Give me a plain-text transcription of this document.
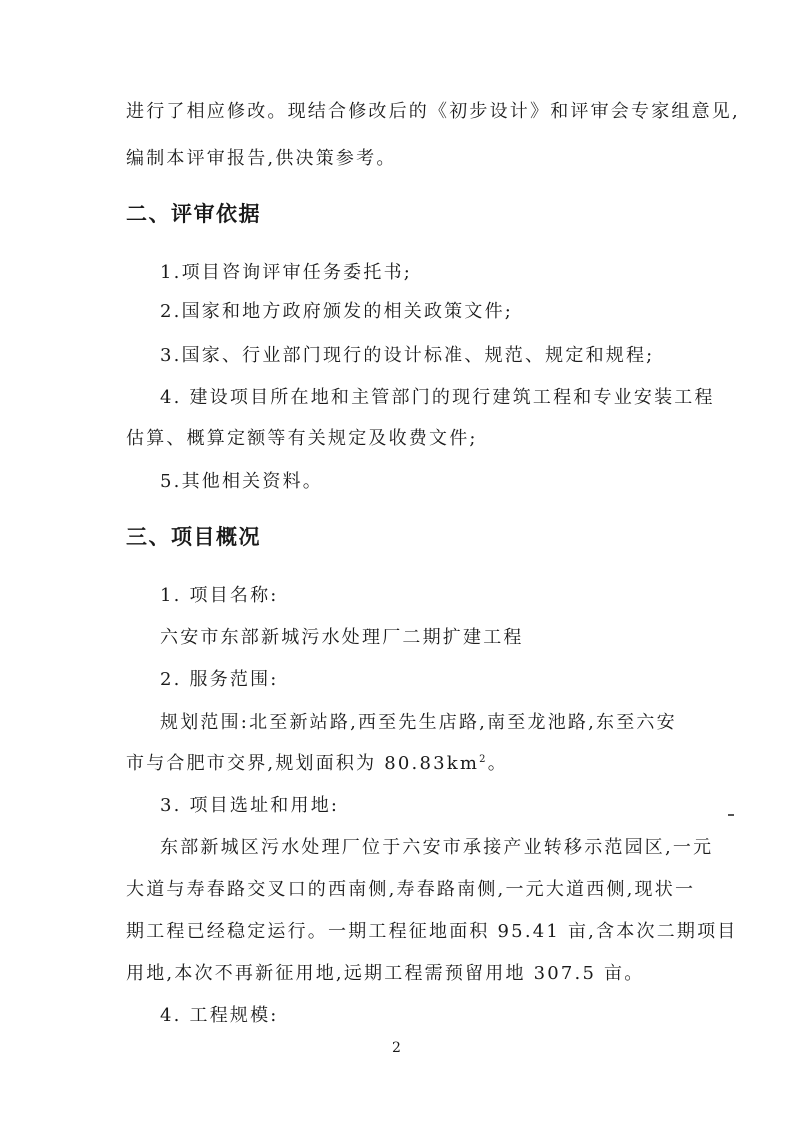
进行了相应修改。现结合修改后的《初步设计》和评审会专家组意见,
编制本评审报告,供决策参考。
二、评审依据
1.项目咨询评审任务委托书;
2.国家和地方政府颁发的相关政策文件;
3.国家、行业部门现行的设计标准、规范、规定和规程;
4. 建设项目所在地和主管部门的现行建筑工程和专业安装工程
估算、概算定额等有关规定及收费文件;
5.其他相关资料。
三、项目概况
1. 项目名称:
六安市东部新城污水处理厂二期扩建工程
2. 服务范围:
规划范围:北至新站路,西至先生店路,南至龙池路,东至六安
市与合肥市交界,规划面积为 $80.83km^2$。
3. 项目选址和用地:
东部新城区污水处理厂位于六安市承接产业转移示范园区,一元
大道与寿春路交叉口的西南侧,寿春路南侧,一元大道西侧,现状一
期工程已经稳定运行。一期工程征地面积 95.41 亩,含本次二期项目
用地,本次不再新征用地,远期工程需预留用地 307.5 亩。
4. 工程规模:
2
